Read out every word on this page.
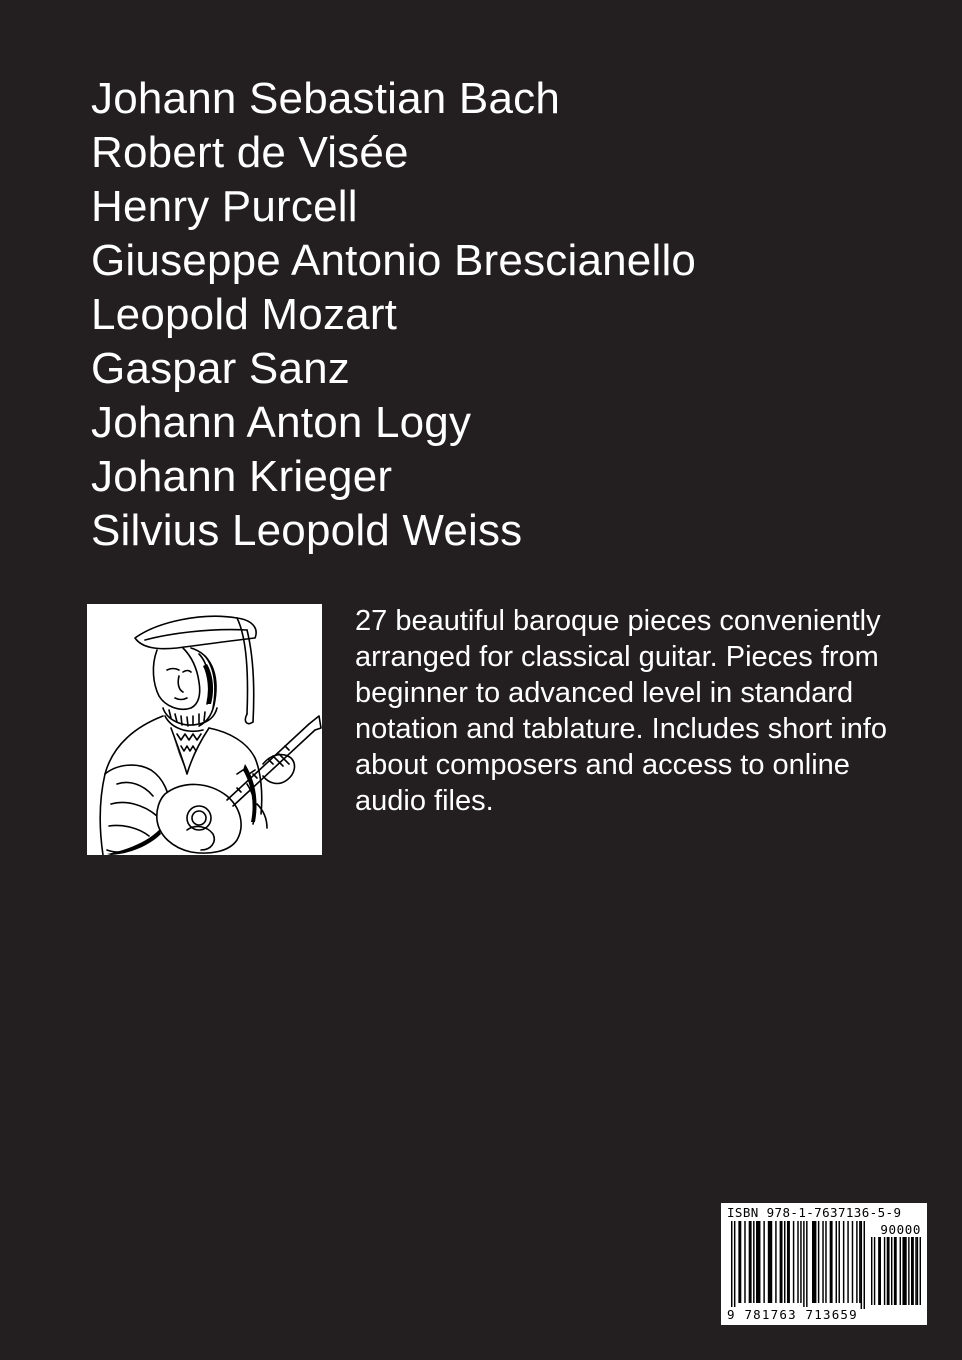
Johann Sebastian Bach
Robert de Visée
Henry Purcell
Giuseppe Antonio Brescianello
Leopold Mozart
Gaspar Sanz
Johann Anton Logy
Johann Krieger
Silvius Leopold Weiss

27 beautiful baroque pieces conveniently arranged for classical guitar. Pieces from beginner to advanced level in standard notation and tablature. Includes short info about composers and access to online audio files.

ISBN 978-1-7637136-5-9
90000
9 781763 713659
